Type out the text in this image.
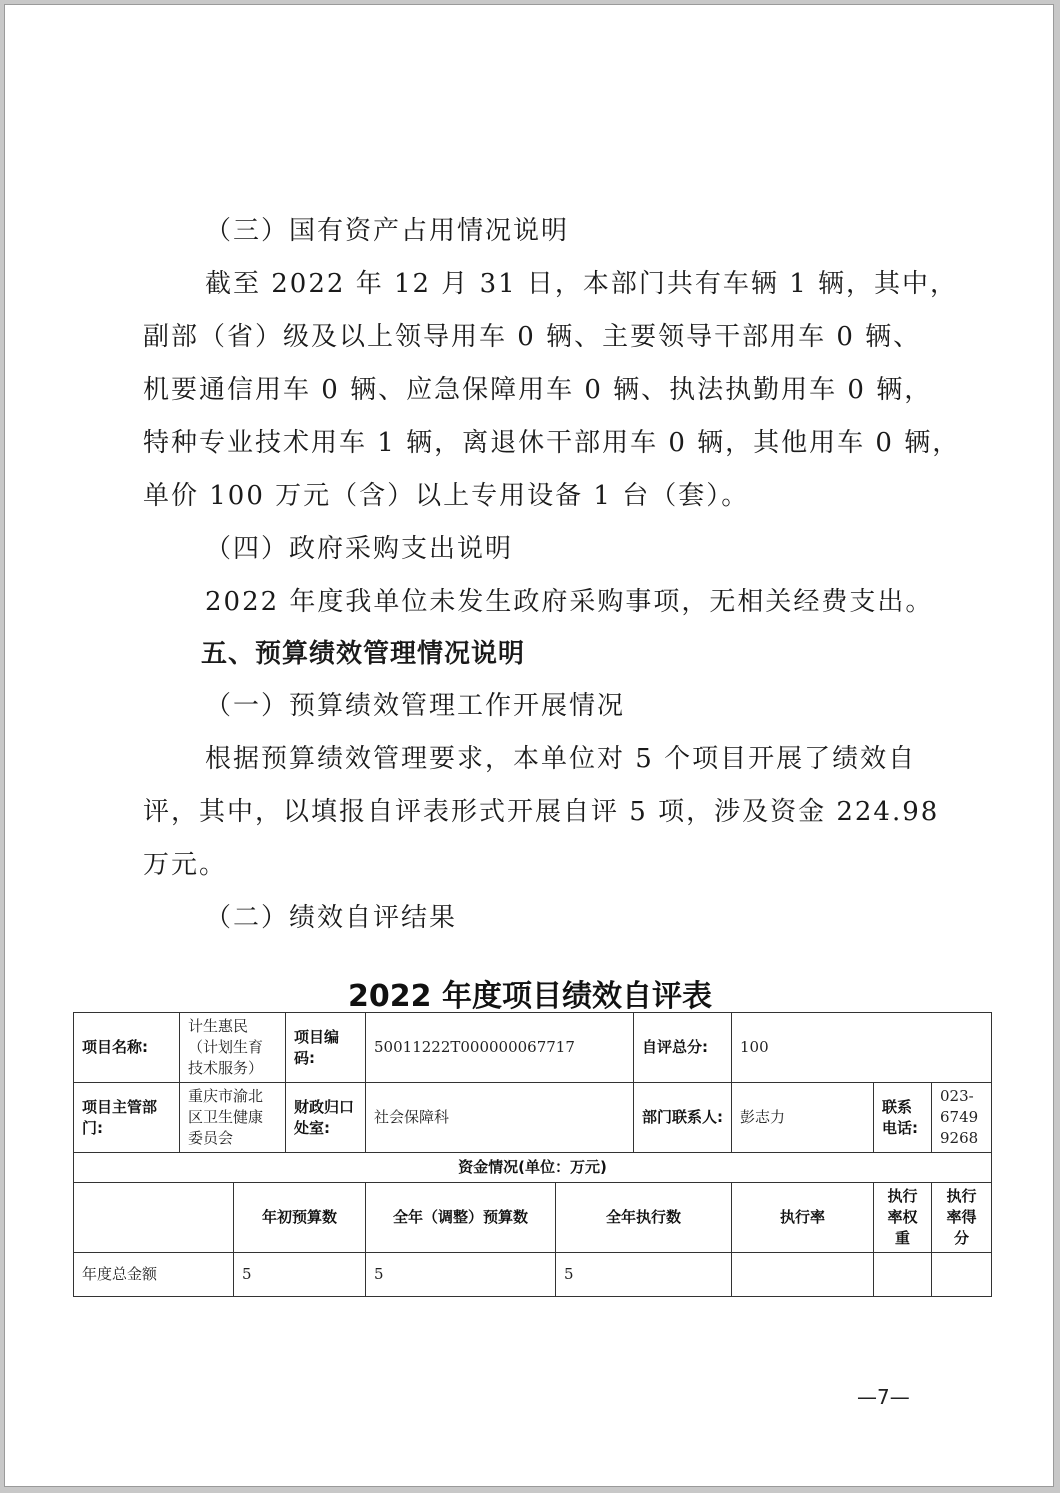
（三）国有资产占用情况说明
截至 2022 年 12 月 31 日，本部门共有车辆 1 辆，其中，
副部（省）级及以上领导用车 0 辆、主要领导干部用车 0 辆、
机要通信用车 0 辆、应急保障用车 0 辆、执法执勤用车 0 辆，
特种专业技术用车 1 辆，离退休干部用车 0 辆，其他用车 0 辆，
单价 100 万元（含）以上专用设备 1 台（套）。
（四）政府采购支出说明
2022 年度我单位未发生政府采购事项，无相关经费支出。
五、预算绩效管理情况说明
（一）预算绩效管理工作开展情况
根据预算绩效管理要求，本单位对 5 个项目开展了绩效自
评，其中，以填报自评表形式开展自评 5 项，涉及资金 224.98
万元。
（二）绩效自评结果
2022 年度项目绩效自评表
项目名称:	计生惠民（计划生育技术服务）		项目编码:	50011222T000000067717		自评总分:	100		
项目主管部门:	重庆市渝北区卫生健康委员会		财政归口处室:	社会保障科		部门联系人:	彭志力	联系电话:	023-67499268
资金情况(单位：万元)									
		年初预算数		全年（调整）预算数	全年执行数		执行率	执行率权重	执行率得分
年度总金额		5		5	5				
—7—
